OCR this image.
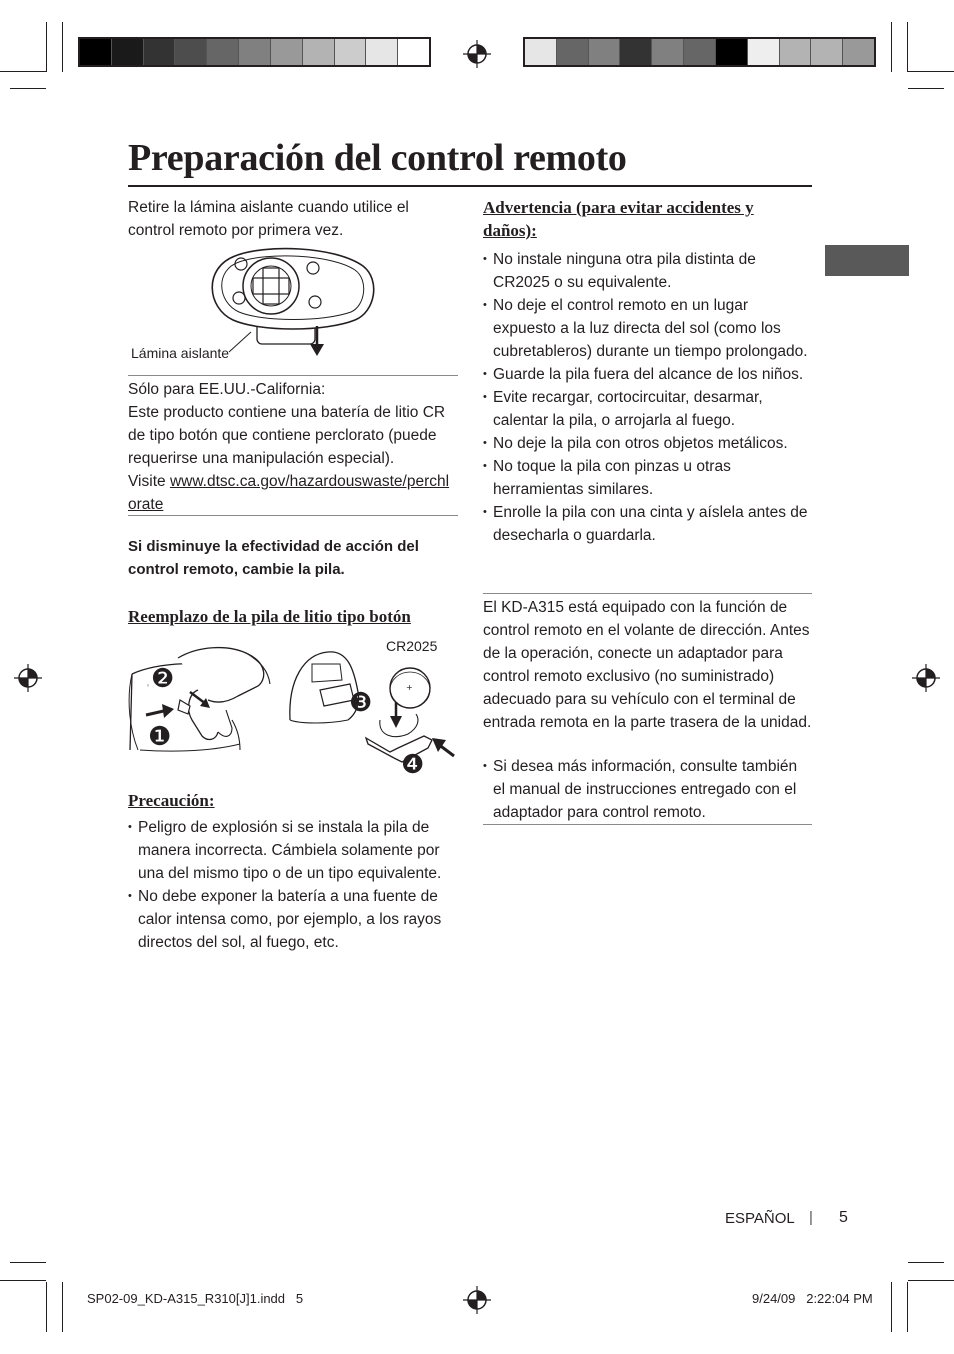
Preparación del control remoto
Retire la lámina aislante cuando utilice el control remoto por primera vez.
Lámina aislante
Sólo para EE.UU.-California:
Este producto contiene una batería de litio CR de tipo botón que contiene perclorato (puede requerirse una manipulación especial).
Visite www.dtsc.ca.gov/hazardouswaste/perchlorate
Si disminuye la efectividad de acción del control remoto, cambie la pila.
Reemplazo de la pila de litio tipo botón
CR2025
◦	+
❶
❷
❸
❹
Precaución:
• Peligro de explosión si se instala la pila de manera incorrecta. Cámbiela solamente por una del mismo tipo o de un tipo equivalente.
• No debe exponer la batería a una fuente de calor intensa como, por ejemplo, a los rayos directos del sol, al fuego, etc.
Advertencia (para evitar accidentes y daños):
• No instale ninguna otra pila distinta de CR2025 o su equivalente.
• No deje el control remoto en un lugar expuesto a la luz directa del sol (como los cubretableros) durante un tiempo prolongado.
• Guarde la pila fuera del alcance de los niños.
• Evite recargar, cortocircuitar, desarmar, calentar la pila, o arrojarla al fuego.
• No deje la pila con otros objetos metálicos.
• No toque la pila con pinzas u otras herramientas similares.
• Enrolle la pila con una cinta y aíslela antes de desecharla o guardarla.
El KD-A315 está equipado con la función de control remoto en el volante de dirección. Antes de la operación, conecte un adaptador para control remoto exclusivo (no suministrado) adecuado para su vehículo con el terminal de entrada remota en la parte trasera de la unidad.
• Si desea más información, consulte también el manual de instrucciones entregado con el adaptador para control remoto.
ESPAÑOL | 5
SP02-09_KD-A315_R310[J]1.indd   5	9/24/09   2:22:04 PM
